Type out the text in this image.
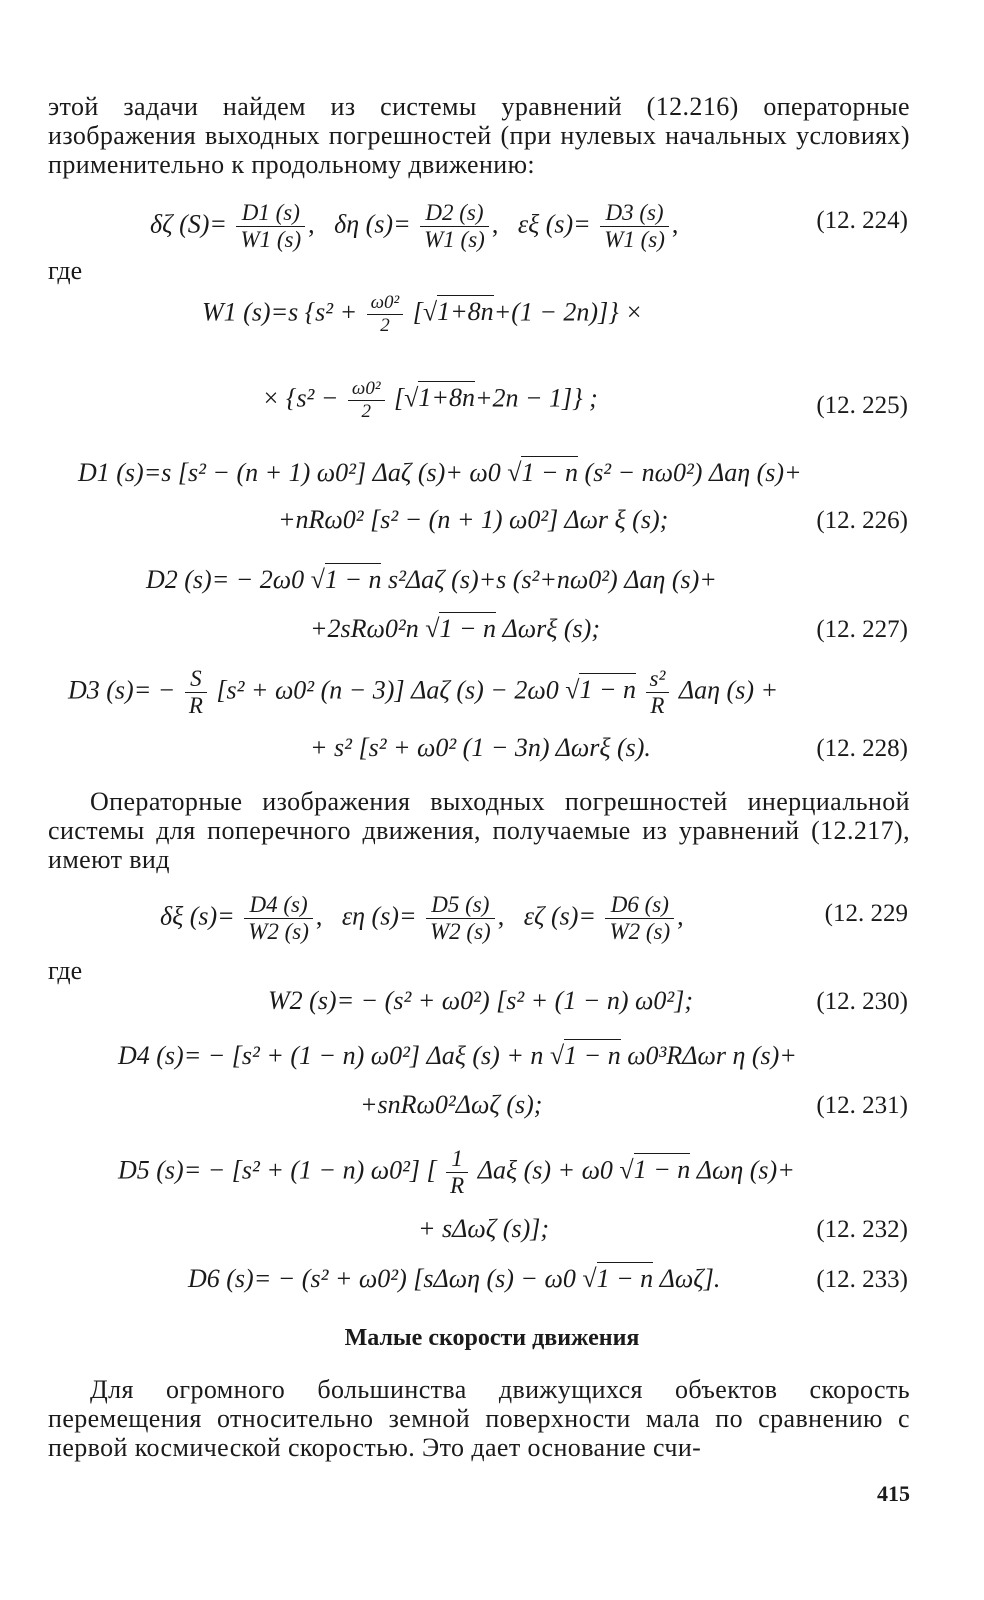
этой задачи найдем из системы уравнений (12.216) операторные изображения выходных погрешностей (при нулевых начальных условиях) применительно к продольному движению:
δζ $(S)= \frac{D1 (s)}{W1 (s)}$ ,   δη $(s)= \frac{D2 (s)}{W1 (s)}$ ,   εξ $(s)= \frac{D3 (s)}{W1 (s)}$ ,	(12. 224)
где
W1 (s)=s $\{s^2 + \frac{\text{ω0²}}{2} [√1+8n+(1 - 2n)]\}$ ×
× $\{s^2 - \frac{\text{ω0²}}{2} [√1+8n+2n - 1]\}$ ;	(12. 225)
D1 (s)=s [s² − (n + 1) ω0²] Δaζ (s)+ ω0 √1 − n (s² − nω0²) Δaη (s)+
+nRω0² [s² − (n + 1) ω0²] Δωr ξ (s);	(12. 226)
D2 (s)= − 2ω0 √1 − n s²Δaζ (s)+s (s²+nω0²) Δaη (s)+
+2sRω0²n √1 − n Δωrξ (s);	(12. 227)
D3 $(s)= - \frac{S}{R} [s^2 + \omega 0^2$ (n − 3)] Δaζ (s) − 2ω0 √1 − n $\frac{\text{s²}}{R}$ Δaη (s) +
+ s² [s² + ω0² (1 − 3n) Δωrξ (s).	(12. 228)
Операторные изображения выходных погрешностей инерциальной системы для поперечного движения, получаемые из уравнений (12.217), имеют вид
δξ $(s)= \frac{D4 (s)}{W2 (s)}$ ,   εη $(s)= \frac{D5 (s)}{W2 (s)}$ ,   εζ $(s)= \frac{D6 (s)}{W2 (s)}$ ,	(12. 229
где
W2 (s)= − (s² + ω0²) [s² + (1 − n) ω0²];	(12. 230)
D4 (s)= − [s² + (1 − n) ω0²] Δaξ (s) + n √1 − n ω0³RΔωr η (s)+
+snRω0²Δωζ (s);	(12. 231)
D5 (s)= − [s² + (1 − n) ω0²] [ $\frac{1}{R}$ Δaξ (s) + ω0 √1 − n Δωη (s)+
+ sΔωζ (s)];	(12. 232)
D6 (s)= − (s² + ω0²) [sΔωη (s) − ω0 √1 − n Δωζ].	(12. 233)
Малые скорости движения
Для огромного большинства движущихся объектов скорость перемещения относительно земной поверхности мала по сравнению с первой космической скоростью. Это дает основание счи-
415
